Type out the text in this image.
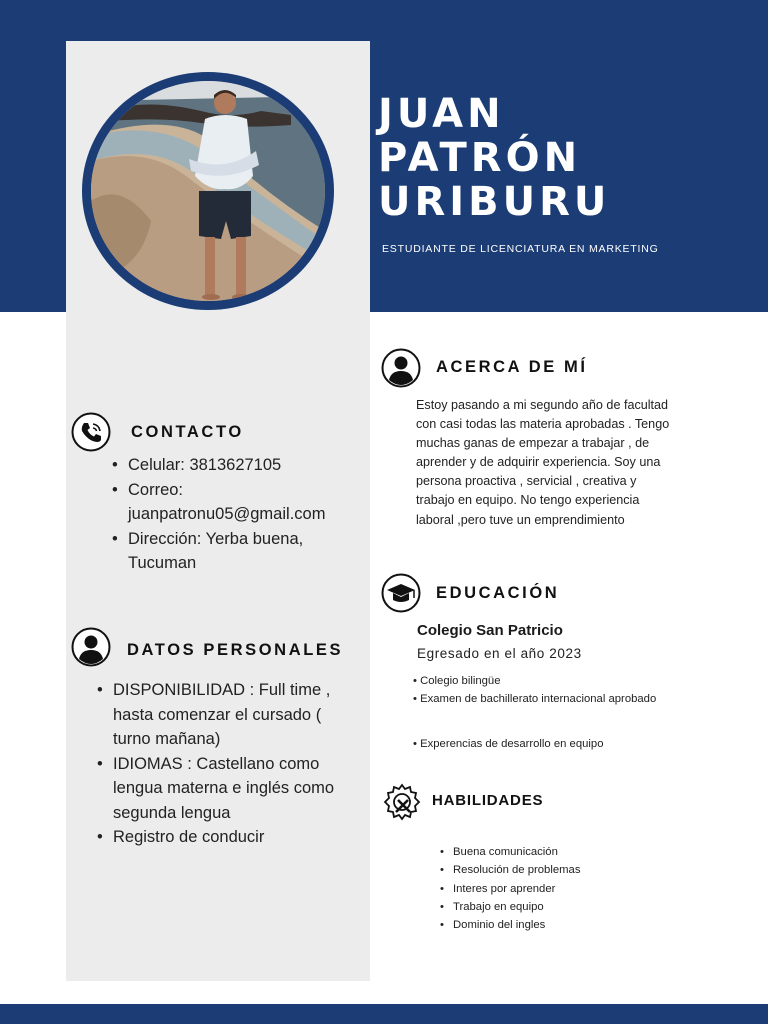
JUAN
PATRÓN
URIBURU
ESTUDIANTE DE LICENCIATURA EN MARKETING
CONTACTO
• Celular: 3813627105
• Correo: juanpatronu05@gmail.com
• Dirección: Yerba buena, Tucuman
DATOS PERSONALES
• DISPONIBILIDAD : Full time , hasta comenzar el cursado ( turno mañana)
• IDIOMAS : Castellano como lengua materna e inglés como segunda lengua
• Registro de conducir
ACERCA DE MÍ
Estoy pasando a mi segundo año de facultad con casi todas las materia aprobadas . Tengo muchas ganas de empezar a trabajar , de aprender y de adquirir experiencia. Soy una persona proactiva , servicial , creativa y trabajo en equipo. No tengo experiencia laboral ,pero tuve un emprendimiento
EDUCACIÓN
Colegio San Patricio
Egresado en el año 2023
• Colegio bilingüe
• Examen de bachillerato internacional aprobado
• Experencias de desarrollo en equipo
HABILIDADES
• Buena comunicación
• Resolución de problemas
• Interes por aprender
• Trabajo en equipo
• Dominio del ingles
